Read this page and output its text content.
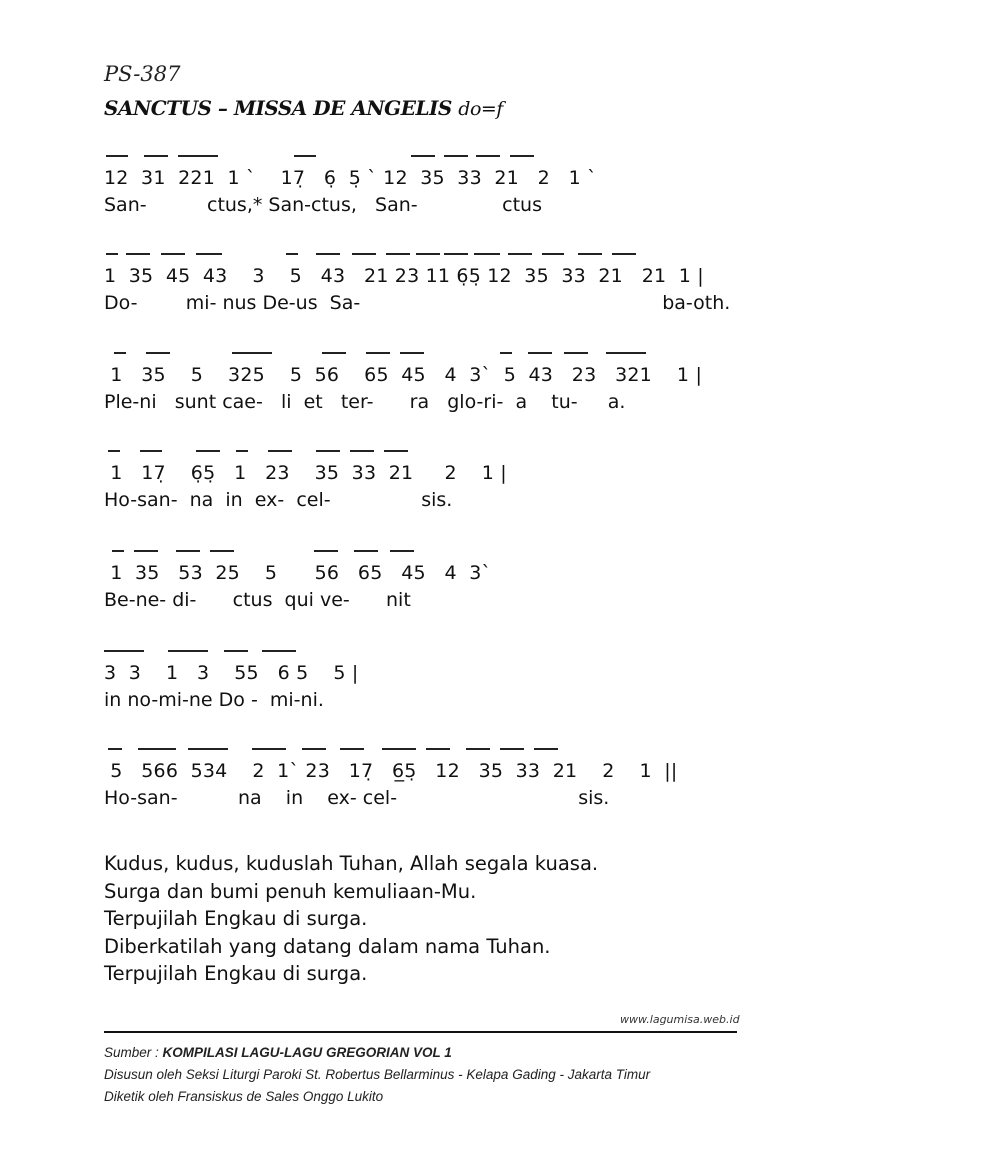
PS-387
SANCTUS – MISSA DE ANGELIS do=f
12  31  221  1 ˋ    17̣   6̣  5̣ ˋ 12  35  33  21   2   1 ˋ
San-          ctus,* San-ctus,   San-              ctus
1  35  45  43    3    5   43   21 23 11 6̣5̣ 12  35  33  21   21  1 |
Do-        mi- nus De-us  Sa-                                                  ba-oth.
1   35    5    325    5  56    65  45   4  3ˋ  5  43   23   321    1 |
Ple-ni   sunt cae-   li  et   ter-      ra   glo-ri-  a    tu-     a.
1   17̣    6̣5̣   1   23    35  33  21     2    1 |
Ho-san-  na  in  ex-  cel-               sis.
1  35   53  25    5      56   65   45   4  3ˋ
Be-ne- di-      ctus  qui ve-      nit
3  3    1   3    55   6 5    5 |
in no-mi-ne Do -  mi-ni.
5   566  534    2  1ˋ 23   17̣   6̲5̣   12   35  33  21    2    1  ||
Ho-san-          na    in    ex- cel-                              sis.
Kudus, kudus, kuduslah Tuhan, Allah segala kuasa.
Surga dan bumi penuh kemuliaan-Mu.
Terpujilah Engkau di surga.
Diberkatilah yang datang dalam nama Tuhan.
Terpujilah Engkau di surga.
www.lagumisa.web.id
Sumber : KOMPILASI LAGU-LAGU GREGORIAN VOL 1
Disusun oleh Seksi Liturgi Paroki St. Robertus Bellarminus - Kelapa Gading - Jakarta Timur
Diketik oleh Fransiskus de Sales Onggo Lukito
